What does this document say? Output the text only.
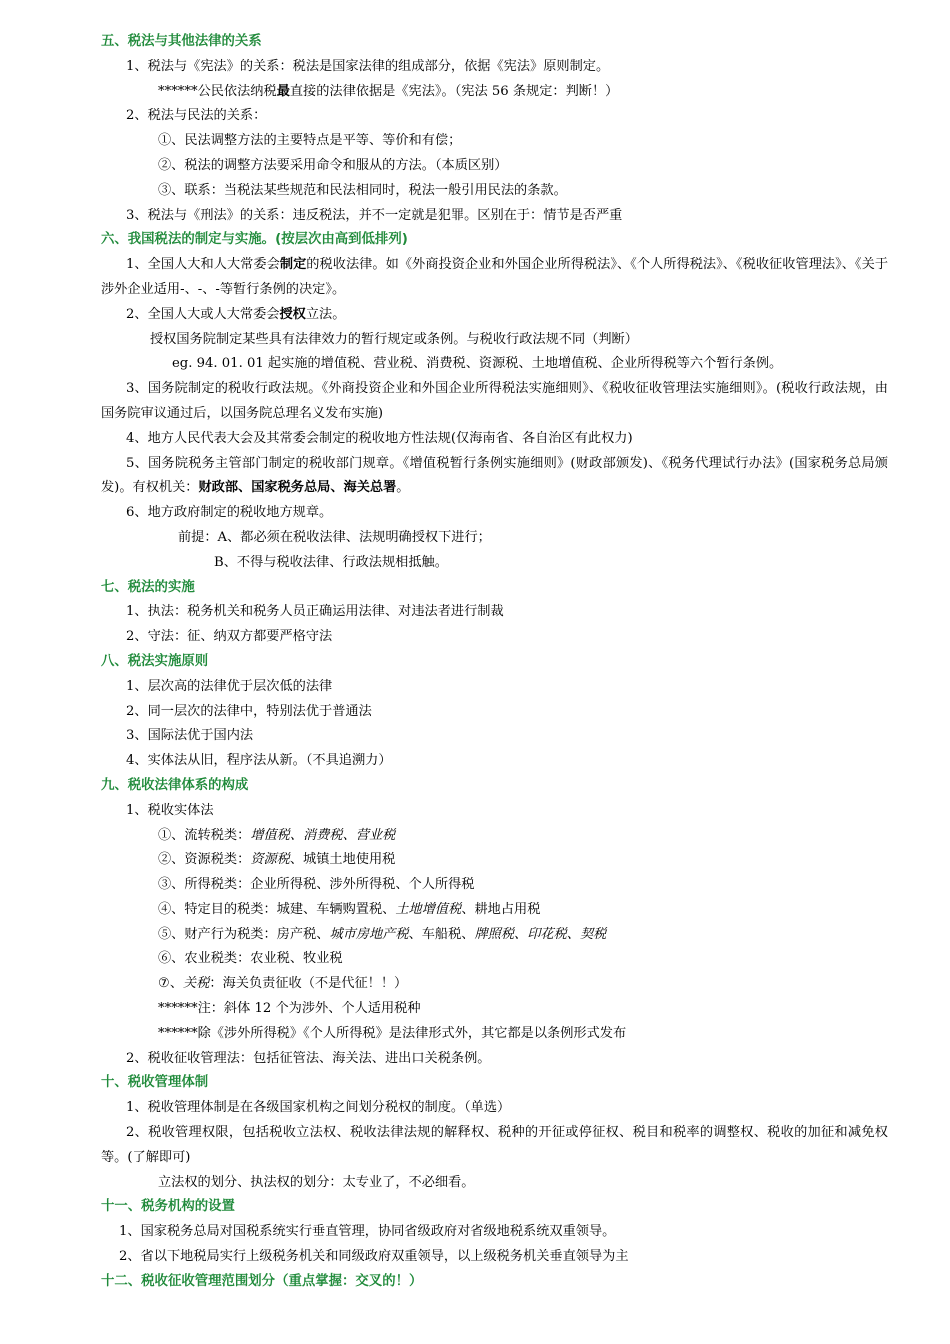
五、税法与其他法律的关系
1、税法与《宪法》的关系：税法是国家法律的组成部分，依据《宪法》原则制定。
******公民依法纳税最直接的法律依据是《宪法》。（宪法 56 条规定：判断！）
2、税法与民法的关系：
①、民法调整方法的主要特点是平等、等价和有偿；
②、税法的调整方法要采用命令和服从的方法。（本质区别）
③、联系：当税法某些规范和民法相同时，税法一般引用民法的条款。
3、税法与《刑法》的关系：违反税法，并不一定就是犯罪。区别在于：情节是否严重
六、我国税法的制定与实施。(按层次由高到低排列)
1、全国人大和人大常委会制定的税收法律。如《外商投资企业和外国企业所得税法》、《个人所得税法》、《税收征收管理法》、《关于涉外企业适用-、-、-等暂行条例的决定》。
2、全国人大或人大常委会授权立法。
授权国务院制定某些具有法律效力的暂行规定或条例。与税收行政法规不同（判断）
eg. 94. 01. 01 起实施的增值税、营业税、消费税、资源税、土地增值税、企业所得税等六个暂行条例。
3、国务院制定的税收行政法规。《外商投资企业和外国企业所得税法实施细则》、《税收征收管理法实施细则》。(税收行政法规，由国务院审议通过后，以国务院总理名义发布实施)
4、地方人民代表大会及其常委会制定的税收地方性法规(仅海南省、各自治区有此权力)
5、国务院税务主管部门制定的税收部门规章。《增值税暂行条例实施细则》(财政部颁发)、《税务代理试行办法》(国家税务总局颁发)。有权机关：财政部、国家税务总局、海关总署。
6、地方政府制定的税收地方规章。
前提：A、都必须在税收法律、法规明确授权下进行；
B、不得与税收法律、行政法规相抵触。
七、税法的实施
1、执法：税务机关和税务人员正确运用法律、对违法者进行制裁
2、守法：征、纳双方都要严格守法
八、税法实施原则
1、层次高的法律优于层次低的法律
2、同一层次的法律中，特别法优于普通法
3、国际法优于国内法
4、实体法从旧，程序法从新。（不具追溯力）
九、税收法律体系的构成
1、税收实体法
①、流转税类：增值税、消费税、营业税
②、资源税类：资源税、城镇土地使用税
③、所得税类：企业所得税、涉外所得税、个人所得税
④、特定目的税类：城建、车辆购置税、土地增值税、耕地占用税
⑤、财产行为税类：房产税、城市房地产税、车船税、牌照税、印花税、契税
⑥、农业税类：农业税、牧业税
⑦、关税：海关负责征收（不是代征！！）
******注：斜体 12 个为涉外、个人适用税种
******除《涉外所得税》《个人所得税》是法律形式外，其它都是以条例形式发布
2、税收征收管理法：包括征管法、海关法、进出口关税条例。
十、税收管理体制
1、税收管理体制是在各级国家机构之间划分税权的制度。（单选）
2、税收管理权限，包括税收立法权、税收法律法规的解释权、税种的开征或停征权、税目和税率的调整权、税收的加征和减免权等。(了解即可)
立法权的划分、执法权的划分：太专业了，不必细看。
十一、税务机构的设置
1、国家税务总局对国税系统实行垂直管理，协同省级政府对省级地税系统双重领导。
2、省以下地税局实行上级税务机关和同级政府双重领导，以上级税务机关垂直领导为主
十二、税收征收管理范围划分（重点掌握：交叉的！）
